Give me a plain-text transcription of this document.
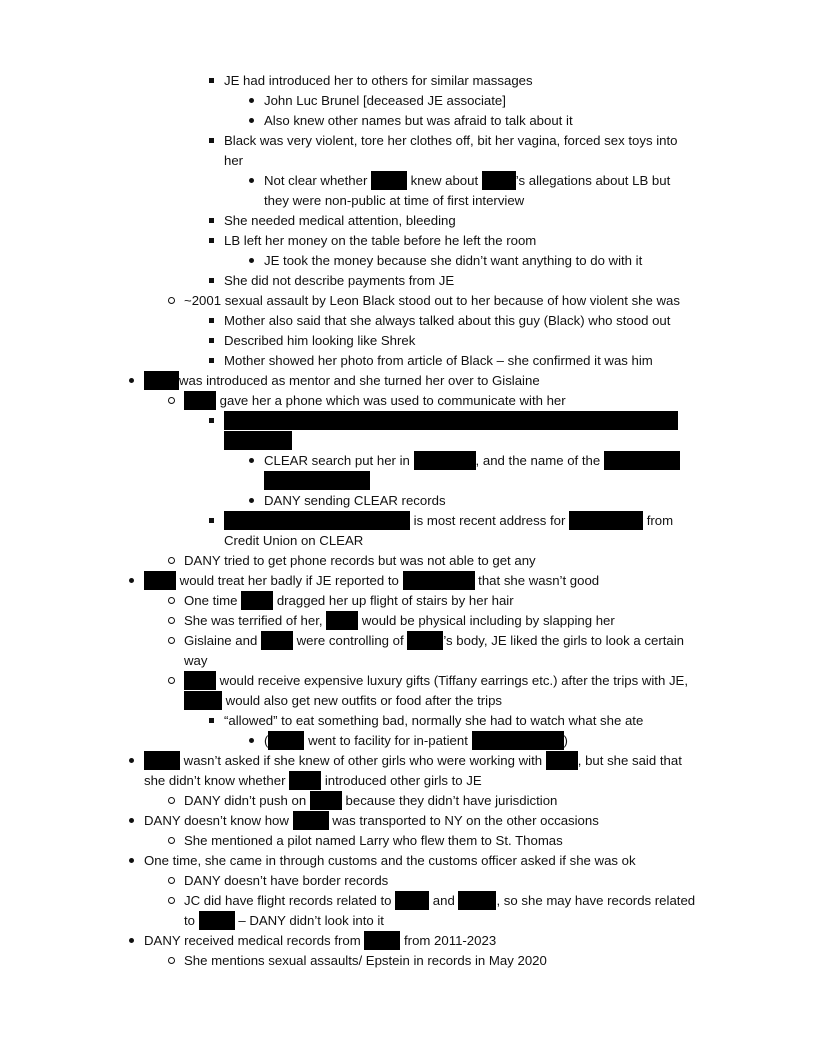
JE had introduced her to others for similar massages
John Luc Brunel [deceased JE associate]
Also knew other names but was afraid to talk about it
Black was very violent, tore her clothes off, bit her vagina, forced sex toys into
her
Not clear whether	knew about	’s allegations about LB but
they were non-public at time of first interview
She needed medical attention, bleeding
LB left her money on the table before he left the room
JE took the money because she didn’t want anything to do with it
She did not describe payments from JE
~2001 sexual assault by Leon Black stood out to her because of how violent she was
Mother also said that she always talked about this guy (Black) who stood out
Described him looking like Shrek
Mother showed her photo from article of Black – she confirmed it was him
was introduced as mentor and she turned her over to Gislaine
gave her a phone which was used to communicate with her
CLEAR search put her in	, and the name of the
DANY sending CLEAR records
is most recent address for	from
Credit Union on CLEAR
DANY tried to get phone records but was not able to get any
would treat her badly if JE reported to	that she wasn’t good
One time  dragged her up flight of stairs by her hair
She was terrified of her,  would be physical including by slapping her
Gislaine and  were controlling of	’s body, JE liked the girls to look a certain
way
would receive expensive luxury gifts (Tiffany earrings etc.) after the trips with JE,
would also get new outfits or food after the trips
“allowed” to eat something bad, normally she had to watch what she ate
(	went to facility for in-patient	)
wasn’t asked if she knew of other girls who were working with , but she said that
she didn’t know whether  introduced other girls to JE
DANY didn’t push on  because they didn’t have jurisdiction
DANY doesn’t know how	was transported to NY on the other occasions
She mentioned a pilot named Larry who flew them to St. Thomas
One time, she came in through customs and the customs officer asked if she was ok
DANY doesn’t have border records
JC did have flight records related to	and	, so she may have records related
to	– DANY didn’t look into it
DANY received medical records from	from 2011-2023
She mentions sexual assaults/ Epstein in records in May 2020
